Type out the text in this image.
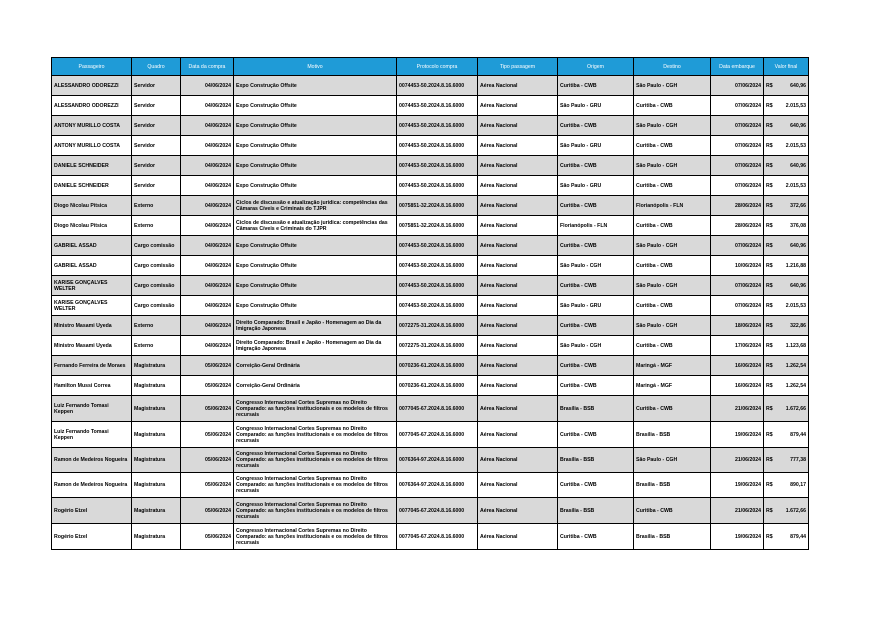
Passageiro	Quadro	Data da compra	Motivo	Protocolo compra	Tipo passagem	Origem	Destino	Data embarque	Valor final
ALESSANDRO ODOREZZI	Servidor	04/06/2024	Expo Construção Offsite	0074453-50.2024.8.16.6000	Aérea Nacional	Curitiba - CWB	São Paulo - CGH	07/06/2024	R$ 640,96

ALESSANDRO ODOREZZI	Servidor	04/06/2024	Expo Construção Offsite	0074453-50.2024.8.16.6000	Aérea Nacional	São Paulo - GRU	Curitiba - CWB	07/06/2024	R$ 2.015,53

ANTONY MURILLO COSTA	Servidor	04/06/2024	Expo Construção Offsite	0074453-50.2024.8.16.6000	Aérea Nacional	Curitiba - CWB	São Paulo - CGH	07/06/2024	R$ 640,96

ANTONY MURILLO COSTA	Servidor	04/06/2024	Expo Construção Offsite	0074453-50.2024.8.16.6000	Aérea Nacional	São Paulo - GRU	Curitiba - CWB	07/06/2024	R$ 2.015,53

DANIELE SCHNEIDER	Servidor	04/06/2024	Expo Construção Offsite	0074453-50.2024.8.16.6000	Aérea Nacional	Curitiba - CWB	São Paulo - CGH	07/06/2024	R$ 640,96

DANIELE SCHNEIDER	Servidor	04/06/2024	Expo Construção Offsite	0074453-50.2024.8.16.6000	Aérea Nacional	São Paulo - GRU	Curitiba - CWB	07/06/2024	R$ 2.015,53

Diogo Nicolau Pitsica	Externo	04/06/2024	Ciclos de discussão e atualização jurídica: competências das Câmaras Cíveis e Criminais do TJPR	0075851-32.2024.8.16.6000	Aérea Nacional	Curitiba - CWB	Florianópolis - FLN	28/06/2024	R$ 372,66

Diogo Nicolau Pitsica	Externo	04/06/2024	Ciclos de discussão e atualização jurídica: competências das Câmaras Cíveis e Criminais do TJPR	0075851-32.2024.8.16.6000	Aérea Nacional	Florianópolis - FLN	Curitiba - CWB	28/06/2024	R$ 376,08

GABRIEL ASSAD	Cargo comissão	04/06/2024	Expo Construção Offsite	0074453-50.2024.8.16.6000	Aérea Nacional	Curitiba - CWB	São Paulo - CGH	07/06/2024	R$ 640,96

GABRIEL ASSAD	Cargo comissão	04/06/2024	Expo Construção Offsite	0074453-50.2024.8.16.6000	Aérea Nacional	São Paulo - CGH	Curitiba - CWB	10/06/2024	R$ 1.216,88

KARISE GONÇALVES WELTER	Cargo comissão	04/06/2024	Expo Construção Offsite	0074453-50.2024.8.16.6000	Aérea Nacional	Curitiba - CWB	São Paulo - CGH	07/06/2024	R$ 640,96

KARISE GONÇALVES WELTER	Cargo comissão	04/06/2024	Expo Construção Offsite	0074453-50.2024.8.16.6000	Aérea Nacional	São Paulo - GRU	Curitiba - CWB	07/06/2024	R$ 2.015,53

Ministro Masami Uyeda	Externo	04/06/2024	Direito Comparado: Brasil e Japão - Homenagem ao Dia da Imigração Japonesa	0072275-31.2024.8.16.6000	Aérea Nacional	Curitiba - CWB	São Paulo - CGH	18/06/2024	R$ 322,86

Ministro Masami Uyeda	Externo	04/06/2024	Direito Comparado: Brasil e Japão - Homenagem ao Dia da Imigração Japonesa	0072275-31.2024.8.16.6000	Aérea Nacional	São Paulo - CGH	Curitiba - CWB	17/06/2024	R$ 1.123,68

Fernando Ferreira de Moraes	Magistratura	05/06/2024	Correição-Geral Ordinária	0070236-61.2024.8.16.6000	Aérea Nacional	Curitiba - CWB	Maringá - MGF	16/06/2024	R$ 1.262,54

Hamilton Mussi Correa	Magistratura	05/06/2024	Correição-Geral Ordinária	0070236-61.2024.8.16.6000	Aérea Nacional	Curitiba - CWB	Maringá - MGF	16/06/2024	R$ 1.262,54

Luiz Fernando Tomasi Keppen	Magistratura	05/06/2024	Congresso Internacional Cortes Supremas no Direito Comparado: as funções institucionais e os modelos de filtros recursais	0077045-67.2024.8.16.6000	Aérea Nacional	Brasília - BSB	Curitiba - CWB	21/06/2024	R$ 1.672,66

Luiz Fernando Tomasi Keppen	Magistratura	05/06/2024	Congresso Internacional Cortes Supremas no Direito Comparado: as funções institucionais e os modelos de filtros recursais	0077045-67.2024.8.16.6000	Aérea Nacional	Curitiba - CWB	Brasília - BSB	19/06/2024	R$ 879,44

Ramon de Medeiros Nogueira	Magistratura	05/06/2024	Congresso Internacional Cortes Supremas no Direito Comparado: as funções institucionais e os modelos de filtros recursais	0076364-97.2024.8.16.6000	Aérea Nacional	Brasília - BSB	São Paulo - CGH	21/06/2024	R$ 777,38

Ramon de Medeiros Nogueira	Magistratura	05/06/2024	Congresso Internacional Cortes Supremas no Direito Comparado: as funções institucionais e os modelos de filtros recursais	0076364-97.2024.8.16.6000	Aérea Nacional	Curitiba - CWB	Brasília - BSB	19/06/2024	R$ 890,17

Rogério Etzel	Magistratura	05/06/2024	Congresso Internacional Cortes Supremas no Direito Comparado: as funções institucionais e os modelos de filtros recursais	0077045-67.2024.8.16.6000	Aérea Nacional	Brasília - BSB	Curitiba - CWB	21/06/2024	R$ 1.672,66

Rogério Etzel	Magistratura	05/06/2024	Congresso Internacional Cortes Supremas no Direito Comparado: as funções institucionais e os modelos de filtros recursais	0077045-67.2024.8.16.6000	Aérea Nacional	Curitiba - CWB	Brasília - BSB	19/06/2024	R$ 879,44
